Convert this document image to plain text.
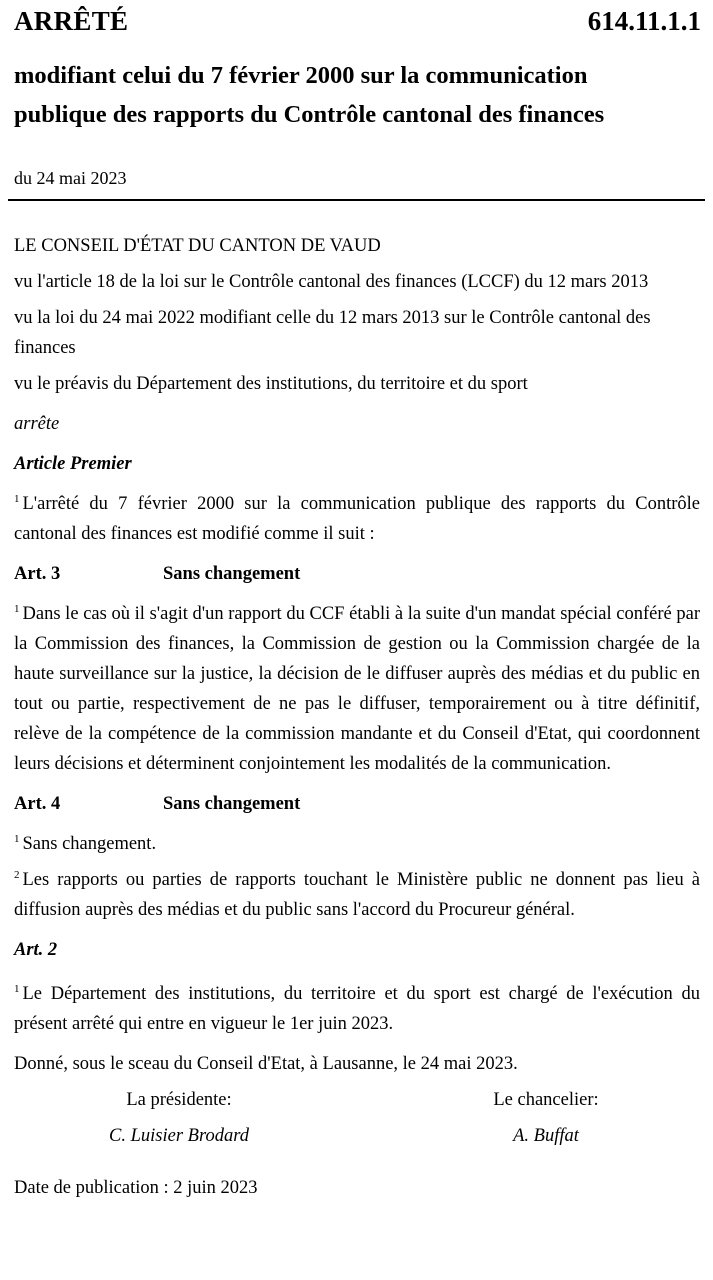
ARRÊTÉ	614.11.1.1
modifiant celui du 7 février 2000 sur la communication
publique des rapports du Contrôle cantonal des finances
du 24 mai 2023

LE CONSEIL D'ÉTAT DU CANTON DE VAUD

vu l'article 18 de la loi sur le Contrôle cantonal des finances (LCCF) du 12 mars 2013

vu la loi du 24 mai 2022 modifiant celle du 12 mars 2013 sur le Contrôle cantonal des finances

vu le préavis du Département des institutions, du territoire et du sport

arrête

Article Premier

$^1$ L'arrêté du 7 février 2000 sur la communication publique des rapports du Contrôle cantonal des finances est modifié comme il suit :

Art. 3	Sans changement

$^1$ Dans le cas où il s'agit d'un rapport du CCF établi à la suite d'un mandat spécial conféré par la Commission des finances, la Commission de gestion ou la Commission chargée de la haute surveillance sur la justice, la décision de le diffuser auprès des médias et du public en tout ou partie, respectivement de ne pas le diffuser, temporairement ou à titre définitif, relève de la compétence de la commission mandante et du Conseil d'Etat, qui coordonnent leurs décisions et déterminent conjointement les modalités de la communication.

Art. 4	Sans changement

$^1$ Sans changement.

$^2$ Les rapports ou parties de rapports touchant le Ministère public ne donnent pas lieu à diffusion auprès des médias et du public sans l'accord du Procureur général.

Art. 2

$^1$ Le Département des institutions, du territoire et du sport est chargé de l'exécution du présent arrêté qui entre en vigueur le 1er juin 2023.

Donné, sous le sceau du Conseil d'Etat, à Lausanne, le 24 mai 2023.

La présidente:
C. Luisier Brodard
Le chancelier:
A. Buffat

Date de publication : 2 juin 2023
